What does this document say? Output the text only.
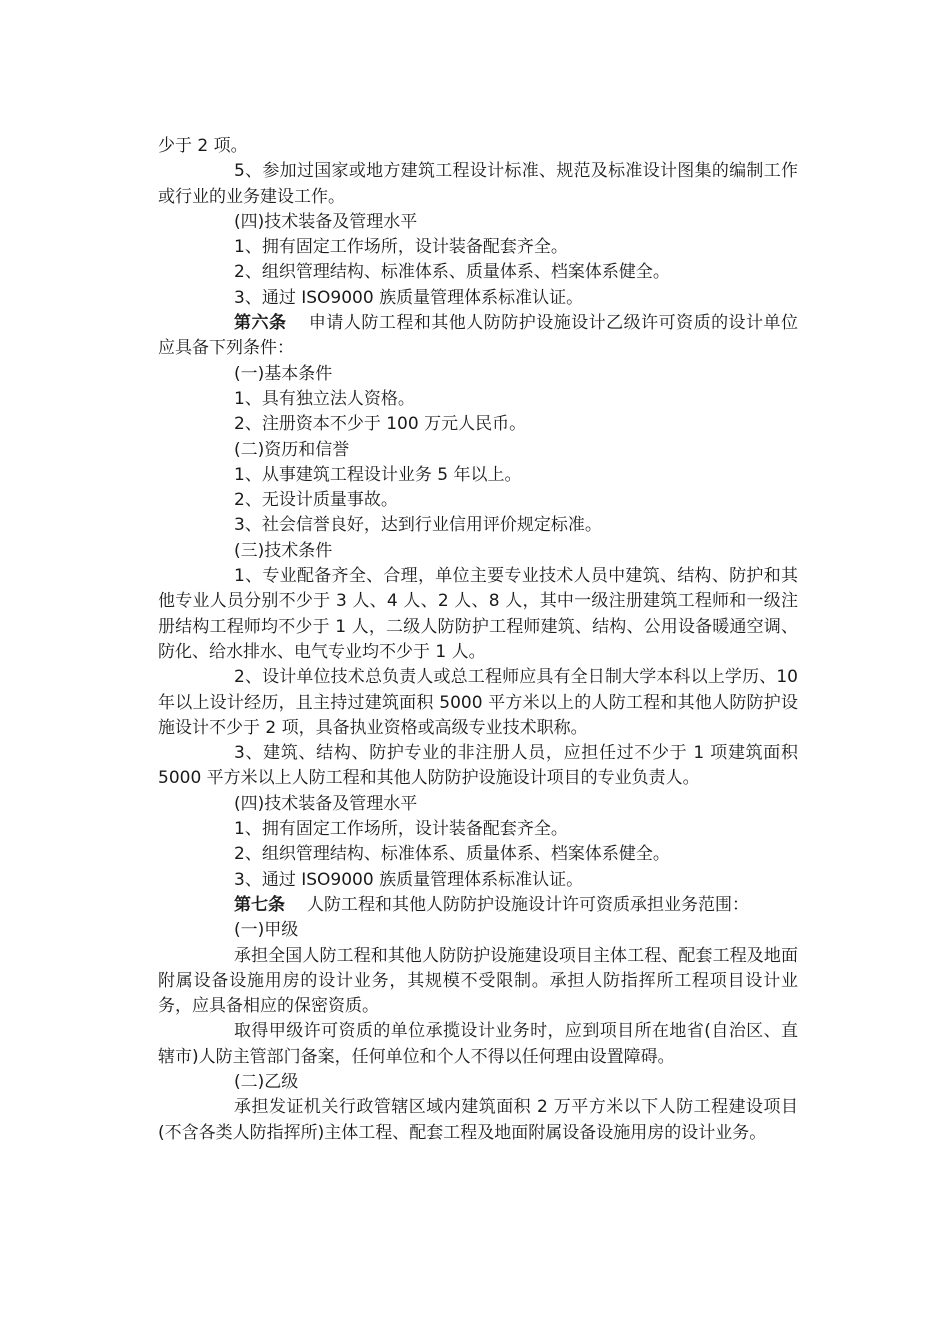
少于 2 项。

5、参加过国家或地方建筑工程设计标准、规范及标准设计图集的编制工作或行业的业务建设工作。

(四)技术装备及管理水平

1、拥有固定工作场所，设计装备配套齐全。

2、组织管理结构、标准体系、质量体系、档案体系健全。

3、通过 ISO9000 族质量管理体系标准认证。

第六条 申请人防工程和其他人防防护设施设计乙级许可资质的设计单位应具备下列条件：

(一)基本条件

1、具有独立法人资格。

2、注册资本不少于 100 万元人民币。

(二)资历和信誉

1、从事建筑工程设计业务 5 年以上。

2、无设计质量事故。

3、社会信誉良好，达到行业信用评价规定标准。

(三)技术条件

1、专业配备齐全、合理，单位主要专业技术人员中建筑、结构、防护和其他专业人员分别不少于 3 人、4 人、2 人、8 人，其中一级注册建筑工程师和一级注册结构工程师均不少于 1 人，二级人防防护工程师建筑、结构、公用设备暖通空调、防化、给水排水、电气专业均不少于 1 人。

2、设计单位技术总负责人或总工程师应具有全日制大学本科以上学历、10 年以上设计经历，且主持过建筑面积 5000 平方米以上的人防工程和其他人防防护设施设计不少于 2 项，具备执业资格或高级专业技术职称。

3、建筑、结构、防护专业的非注册人员，应担任过不少于 1 项建筑面积 5000 平方米以上人防工程和其他人防防护设施设计项目的专业负责人。

(四)技术装备及管理水平

1、拥有固定工作场所，设计装备配套齐全。

2、组织管理结构、标准体系、质量体系、档案体系健全。

3、通过 ISO9000 族质量管理体系标准认证。

第七条 人防工程和其他人防防护设施设计许可资质承担业务范围：

(一)甲级

承担全国人防工程和其他人防防护设施建设项目主体工程、配套工程及地面附属设备设施用房的设计业务，其规模不受限制。承担人防指挥所工程项目设计业务，应具备相应的保密资质。

取得甲级许可资质的单位承揽设计业务时，应到项目所在地省(自治区、直辖市)人防主管部门备案，任何单位和个人不得以任何理由设置障碍。

(二)乙级

承担发证机关行政管辖区域内建筑面积 2 万平方米以下人防工程建设项目(不含各类人防指挥所)主体工程、配套工程及地面附属设备设施用房的设计业务。
